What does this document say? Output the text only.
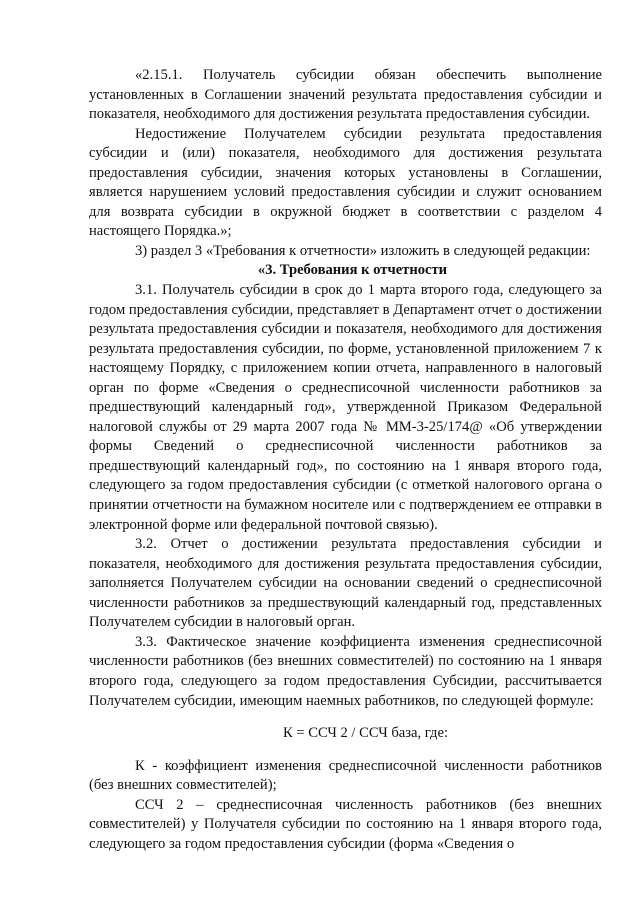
«2.15.1. Получатель субсидии обязан обеспечить выполнение установленных в Соглашении значений результата предоставления субсидии и показателя, необходимого для достижения результата предоставления субсидии.

Недостижение Получателем субсидии результата предоставления субсидии и (или) показателя, необходимого для достижения результата предоставления субсидии, значения которых установлены в Соглашении, является нарушением условий предоставления субсидии и служит основанием для возврата субсидии в окружной бюджет в соответствии с разделом 4 настоящего Порядка.»;

3) раздел 3 «Требования к отчетности» изложить в следующей редакции:

«3. Требования к отчетности

3.1. Получатель субсидии в срок до 1 марта второго года, следующего за годом предоставления субсидии, представляет в Департамент отчет о достижении результата предоставления субсидии и показателя, необходимого для достижения результата предоставления субсидии, по форме, установленной приложением 7 к настоящему Порядку, с приложением копии отчета, направленного в налоговый орган по форме «Сведения о среднесписочной численности работников за предшествующий календарный год», утвержденной Приказом Федеральной налоговой службы от 29 марта 2007 года № ММ-3-25/174@ «Об утверждении формы Сведений о среднесписочной численности работников за предшествующий календарный год», по состоянию на 1 января второго года, следующего за годом предоставления субсидии (с отметкой налогового органа о принятии отчетности на бумажном носителе или с подтверждением ее отправки в электронной форме или федеральной почтовой связью).

3.2. Отчет о достижении результата предоставления субсидии и показателя, необходимого для достижения результата предоставления субсидии, заполняется Получателем субсидии на основании сведений о среднесписочной численности работников за предшествующий календарный год, представленных Получателем субсидии в налоговый орган.

3.3. Фактическое значение коэффициента изменения среднесписочной численности работников (без внешних совместителей) по состоянию на 1 января второго года, следующего за годом предоставления Субсидии, рассчитывается Получателем субсидии, имеющим наемных работников, по следующей формуле:

К = ССЧ 2 / ССЧ база, где:

К - коэффициент изменения среднесписочной численности работников (без внешних совместителей);

ССЧ 2 – среднесписочная численность работников (без внешних совместителей) у Получателя субсидии по состоянию на 1 января второго года, следующего за годом предоставления субсидии (форма «Сведения о
